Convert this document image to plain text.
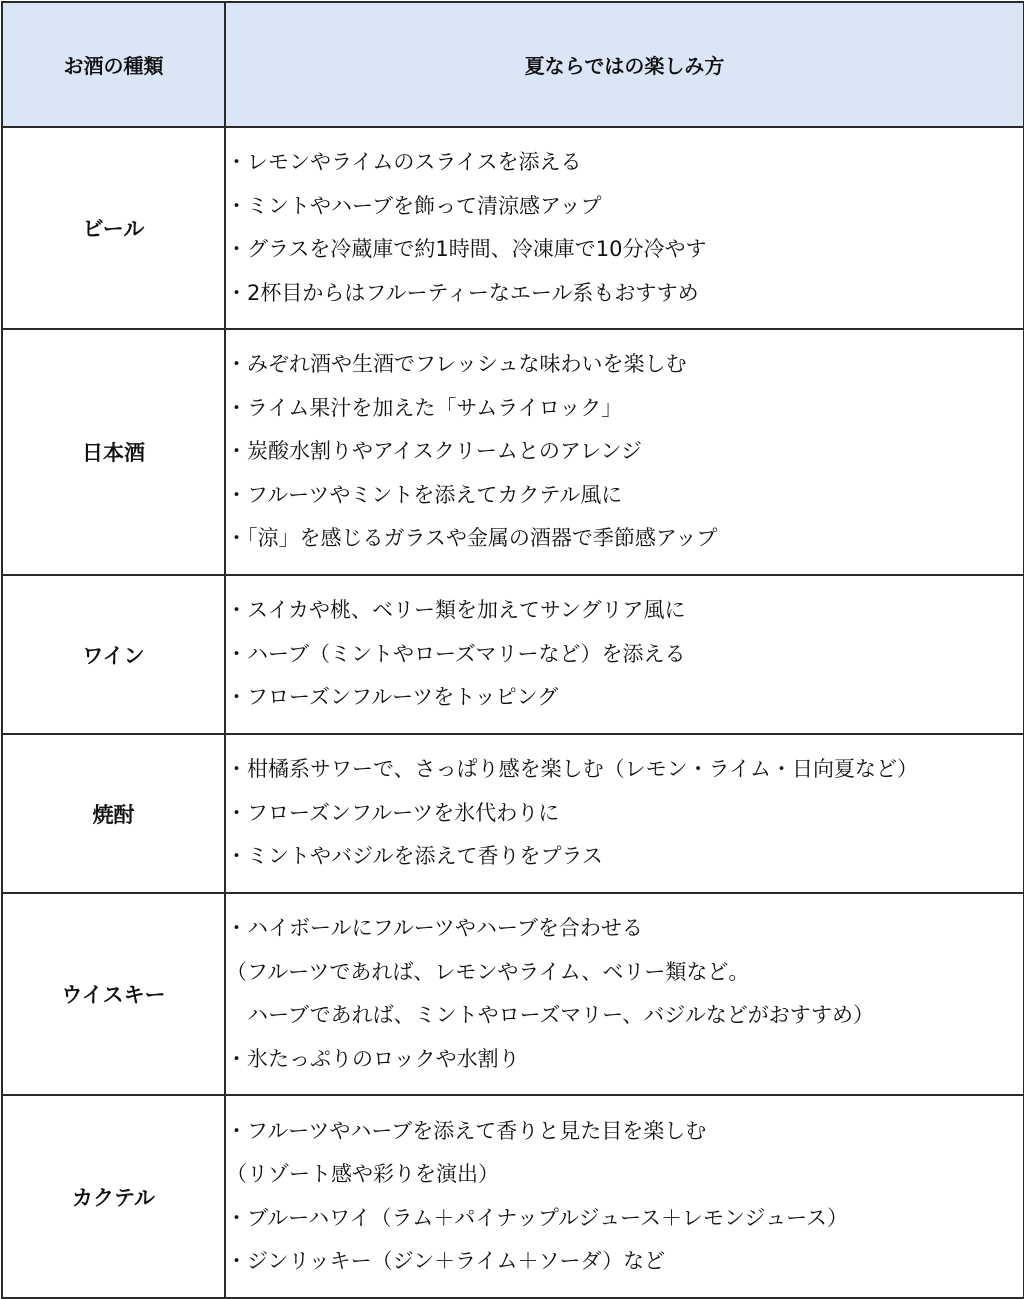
お酒の種類	夏ならではの楽しみ方
ビール	・レモンやライムのスライスを添える
・ミントやハーブを飾って清涼感アップ
・グラスを冷蔵庫で約1時間、冷凍庫で10分冷やす
・2杯目からはフルーティーなエール系もおすすめ

日本酒	・みぞれ酒や生酒でフレッシュな味わいを楽しむ
・ライム果汁を加えた「サムライロック」
・炭酸水割りやアイスクリームとのアレンジ
・フルーツやミントを添えてカクテル風に
・「涼」を感じるガラスや金属の酒器で季節感アップ

ワイン	・スイカや桃、ベリー類を加えてサングリア風に
・ハーブ（ミントやローズマリーなど）を添える
・フローズンフルーツをトッピング

焼酎	・柑橘系サワーで、さっぱり感を楽しむ（レモン・ライム・日向夏など）
・フローズンフルーツを氷代わりに
・ミントやバジルを添えて香りをプラス

ウイスキー	・ハイボールにフルーツやハーブを合わせる
（フルーツであれば、レモンやライム、ベリー類など。
　ハーブであれば、ミントやローズマリー、バジルなどがおすすめ）
・氷たっぷりのロックや水割り

カクテル	・フルーツやハーブを添えて香りと見た目を楽しむ
（リゾート感や彩りを演出）
・ブルーハワイ（ラム＋パイナップルジュース＋レモンジュース）
・ジンリッキー（ジン＋ライム＋ソーダ）など
